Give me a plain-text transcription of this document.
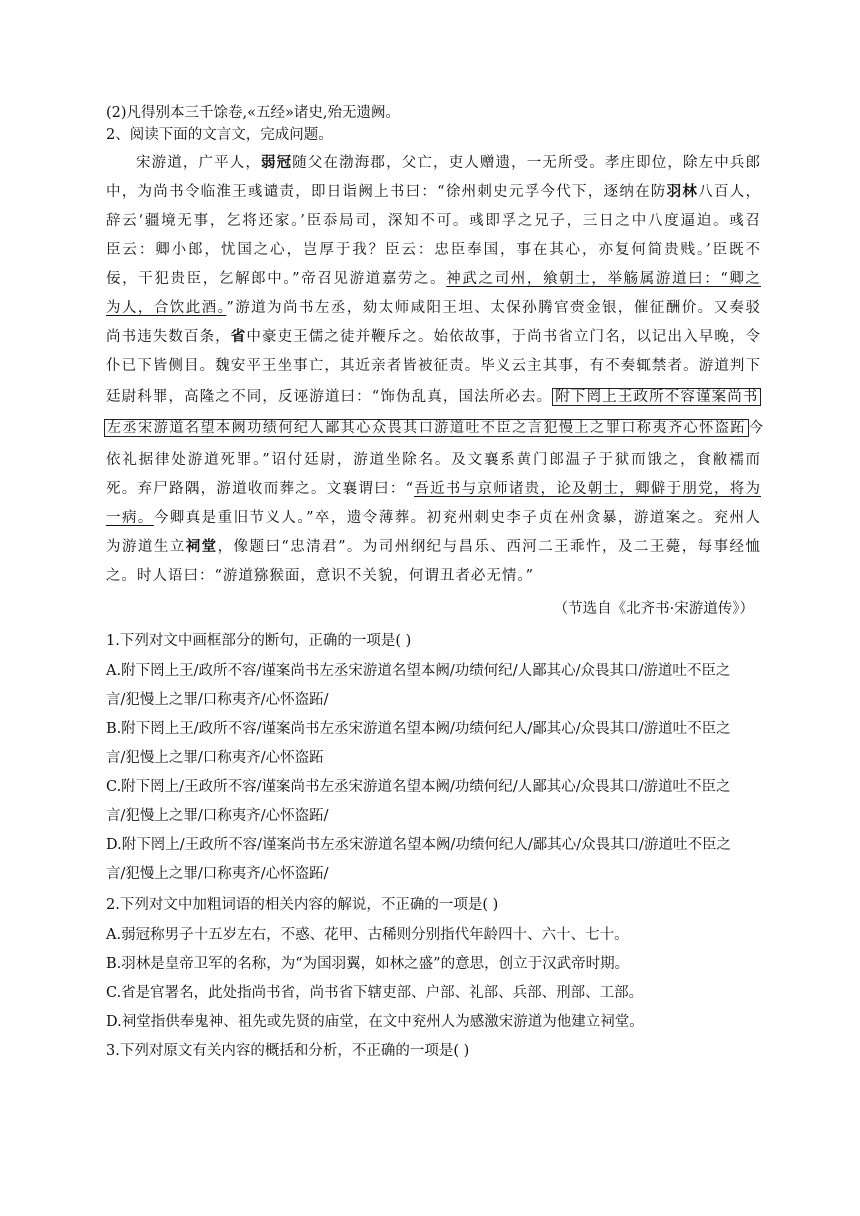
(2)凡得别本三千馀卷,«五经»诸史,殆无遗阙。
2、阅读下面的文言文，完成问题。
宋游道，广平人，弱冠随父在渤海郡，父亡，吏人赠遗，一无所受。孝庄即位，除左中兵郎
中，为尚书令临淮王彧谴责，即日诣阙上书曰：“徐州刺史元孚今代下，逐纳在防羽林八百人，
辞云‘疆境无事，乞将还家。’臣忝局司，深知不可。彧即孚之兄子，三日之中八度逼迫。彧召
臣云：卿小郎，忧国之心，岂厚于我？臣云：忠臣奉国，事在其心，亦复何简贵贱。’臣既不
佞，干犯贵臣，乞解郎中。”帝召见游道嘉劳之。神武之司州，飨朝士，举觞属游道曰：“卿之
为人，合饮此酒。”游道为尚书左丞，劾太师咸阳王坦、太保孙腾官赍金银，催征酬价。又奏驳
尚书违失数百条，省中豪吏王儒之徒并鞭斥之。始依故事，于尚书省立门名，以记出入早晚，令
仆已下皆侧目。魏安平王坐事亡，其近亲者皆被征责。毕义云主其事，有不奏辄禁者。游道判下
廷尉科罪，高隆之不同，反诬游道曰：“饰伪乱真，国法所必去。 附下罔上王政所不容谨案尚书
左丞宋游道名望本阙功绩何纪人鄙其心众畏其口游道吐不臣之言犯慢上之罪口称夷齐心怀盗跖 今
依礼据律处游道死罪。”诏付廷尉，游道坐除名。及文襄系黄门郎温子于狱而饿之，食敝襦而
死。弃尸路隅，游道收而葬之。文襄谓曰：“吾近书与京师诸贵，论及朝士，卿僻于朋党，将为
一病。今卿真是重旧节义人。”卒，遗令薄葬。初兖州刺史李子贞在州贪暴，游道案之。兖州人
为游道生立祠堂，像题曰“忠清君”。为司州纲纪与昌乐、西河二王乖忤，及二王薨，每事经恤
之。时人语曰：“游道猕猴面，意识不关貌，何谓丑者必无情。”
（节选自《北齐书·宋游道传》）
1.下列对文中画框部分的断句，正确的一项是( )
A.附下罔上王/政所不容/谨案尚书左丞宋游道名望本阙/功绩何纪/人鄙其心/众畏其口/游道吐不臣之
言/犯慢上之罪/口称夷齐/心怀盗跖/
B.附下罔上王/政所不容/谨案尚书左丞宋游道名望本阙/功绩何纪人/鄙其心/众畏其口/游道吐不臣之
言/犯慢上之罪/口称夷齐/心怀盗跖
C.附下罔上/王政所不容/谨案尚书左丞宋游道名望本阙/功绩何纪/人鄙其心/众畏其口/游道吐不臣之
言/犯慢上之罪/口称夷齐/心怀盗跖/
D.附下罔上/王政所不容/谨案尚书左丞宋游道名望本阙/功绩何纪人/鄙其心/众畏其口/游道吐不臣之
言/犯慢上之罪/口称夷齐/心怀盗跖/
2.下列对文中加粗词语的相关内容的解说，不正确的一项是( )
A.弱冠称男子十五岁左右，不惑、花甲、古稀则分别指代年龄四十、六十、七十。
B.羽林是皇帝卫军的名称，为“为国羽翼，如林之盛”的意思，创立于汉武帝时期。
C.省是官署名，此处指尚书省，尚书省下辖吏部、户部、礼部、兵部、刑部、工部。
D.祠堂指供奉鬼神、祖先或先贤的庙堂，在文中兖州人为感激宋游道为他建立祠堂。
3.下列对原文有关内容的概括和分析，不正确的一项是( )
